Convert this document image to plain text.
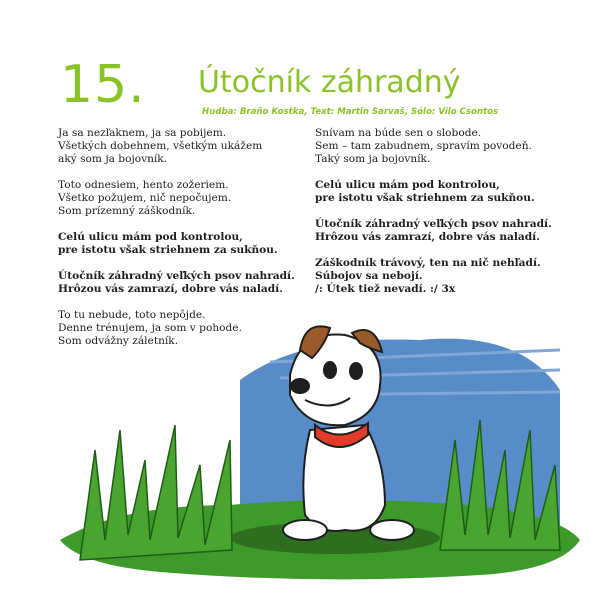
15. Útočník záhradný
Hudba: Braňo Kostka, Text: Martin Sarvaš, Sólo: Vilo Csontos
Ja sa nezľaknem, ja sa pobijem.
Všetkých dobehnem, všetkým ukážem
aký som ja bojovník.
Toto odnesiem, hento zožeriem.
Všetko požujem, nič nepočujem.
Som prízemný záškodník.
Celú ulicu mám pod kontrolou,
pre istotu však striehnem za sukňou.
Útočník záhradný veľkých psov nahradí.
Hrôzou vás zamrazí, dobre vás naladí.
To tu nebude, toto nepôjde.
Denne trénujem, ja som v pohode.
Som odvážny záletník.
Snívam na búde sen o slobode.
Sem – tam zabudnem, spravím povodeň.
Taký som ja bojovník.
Celú ulicu mám pod kontrolou,
pre istotu však striehnem za sukňou.
Útočník záhradný veľkých psov nahradí.
Hrôzou vás zamrazí, dobre vás naladí.
Záškodník trávový, ten na nič nehľadí.
Súbojov sa nebojí.
/: Útek tiež nevadí. :/ 3x
